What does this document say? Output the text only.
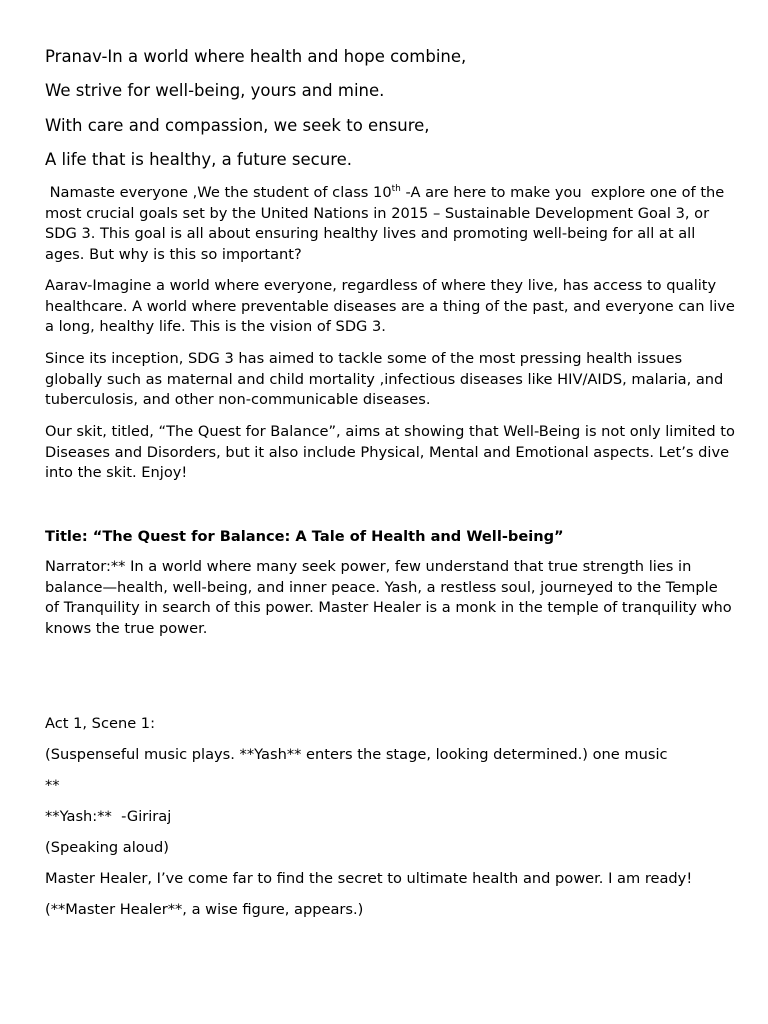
Pranav-In a world where health and hope combine,
We strive for well-being, yours and mine.
With care and compassion, we seek to ensure,
A life that is healthy, a future secure.
Namaste everyone ,We the student of class 10th -A are here to make you  explore one of the most crucial goals set by the United Nations in 2015 – Sustainable Development Goal 3, or SDG 3. This goal is all about ensuring healthy lives and promoting well-being for all at all ages. But why is this so important?
Aarav-Imagine a world where everyone, regardless of where they live, has access to quality healthcare. A world where preventable diseases are a thing of the past, and everyone can live a long, healthy life. This is the vision of SDG 3.
Since its inception, SDG 3 has aimed to tackle some of the most pressing health issues globally such as maternal and child mortality ,infectious diseases like HIV/AIDS, malaria, and tuberculosis, and other non-communicable diseases.
Our skit, titled, “The Quest for Balance”, aims at showing that Well-Being is not only limited to Diseases and Disorders, but it also include Physical, Mental and Emotional aspects. Let’s dive into the skit. Enjoy!
Title: “The Quest for Balance: A Tale of Health and Well-being”
Narrator:** In a world where many seek power, few understand that true strength lies in balance—health, well-being, and inner peace. Yash, a restless soul, journeyed to the Temple of Tranquility in search of this power. Master Healer is a monk in the temple of tranquility who knows the true power.
Act 1, Scene 1:
(Suspenseful music plays. **Yash** enters the stage, looking determined.) one music
**
**Yash:**  -Giriraj
(Speaking aloud)
Master Healer, I’ve come far to find the secret to ultimate health and power. I am ready!
(**Master Healer**, a wise figure, appears.)
